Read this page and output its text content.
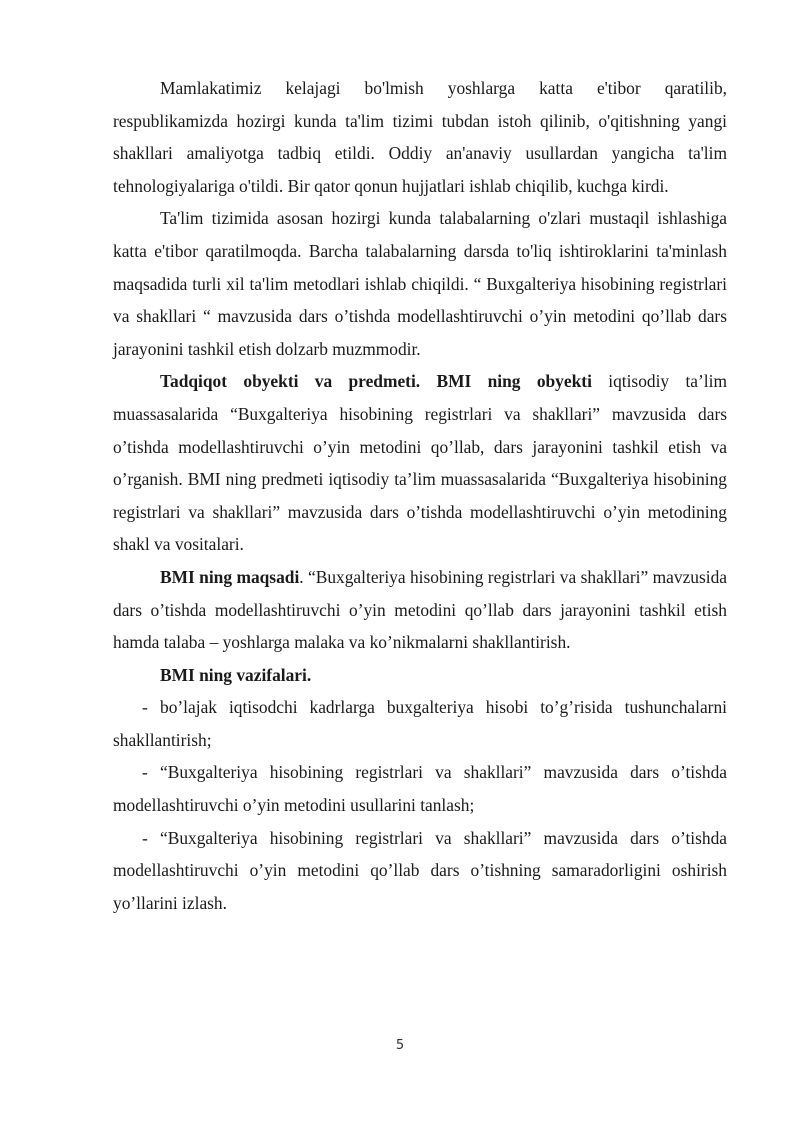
Mamlakatimiz kelajagi bo'lmish yoshlarga katta e'tibor qaratilib, respublikamizda hozirgi kunda ta'lim tizimi tubdan istoh qilinib, o'qitishning yangi shakllari amaliyotga tadbiq etildi. Oddiy an'anaviy usullardan yangicha ta'lim tehnologiyalariga o'tildi. Bir qator qonun hujjatlari ishlab chiqilib, kuchga kirdi.

Ta'lim tizimida asosan hozirgi kunda talabalarning o'zlari mustaqil ishlashiga katta e'tibor qaratilmoqda. Barcha talabalarning darsda to'liq ishtiroklarini ta'minlash maqsadida turli xil ta'lim metodlari ishlab chiqildi. “ Buxgalteriya hisobining registrlari va shakllari “ mavzusida dars o’tishda modellashtiruvchi o’yin metodini qo’llab dars jarayonini tashkil etish dolzarb muzmmodir.

Tadqiqot obyekti va predmeti. BMI ning obyekti iqtisodiy ta’lim muassasalarida “Buxgalteriya hisobining registrlari va shakllari” mavzusida dars o’tishda modellashtiruvchi o’yin metodini qo’llab, dars jarayonini tashkil etish va o’rganish. BMI ning predmeti iqtisodiy ta’lim muassasalarida “Buxgalteriya hisobining registrlari va shakllari” mavzusida dars o’tishda modellashtiruvchi o’yin metodining shakl va vositalari.

BMI ning maqsadi. “Buxgalteriya hisobining registrlari va shakllari” mavzusida dars o’tishda modellashtiruvchi o’yin metodini qo’llab dars jarayonini tashkil etish hamda talaba – yoshlarga malaka va ko’nikmalarni shakllantirish.

BMI ning vazifalari.

- bo’lajak iqtisodchi kadrlarga buxgalteriya hisobi to’g’risida tushunchalarni shakllantirish;

- “Buxgalteriya hisobining registrlari va shakllari” mavzusida dars o’tishda modellashtiruvchi o’yin metodini usullarini tanlash;

- “Buxgalteriya hisobining registrlari va shakllari” mavzusida dars o’tishda modellashtiruvchi o’yin metodini qo’llab dars o’tishning samaradorligini oshirish yo’llarini izlash.

5
